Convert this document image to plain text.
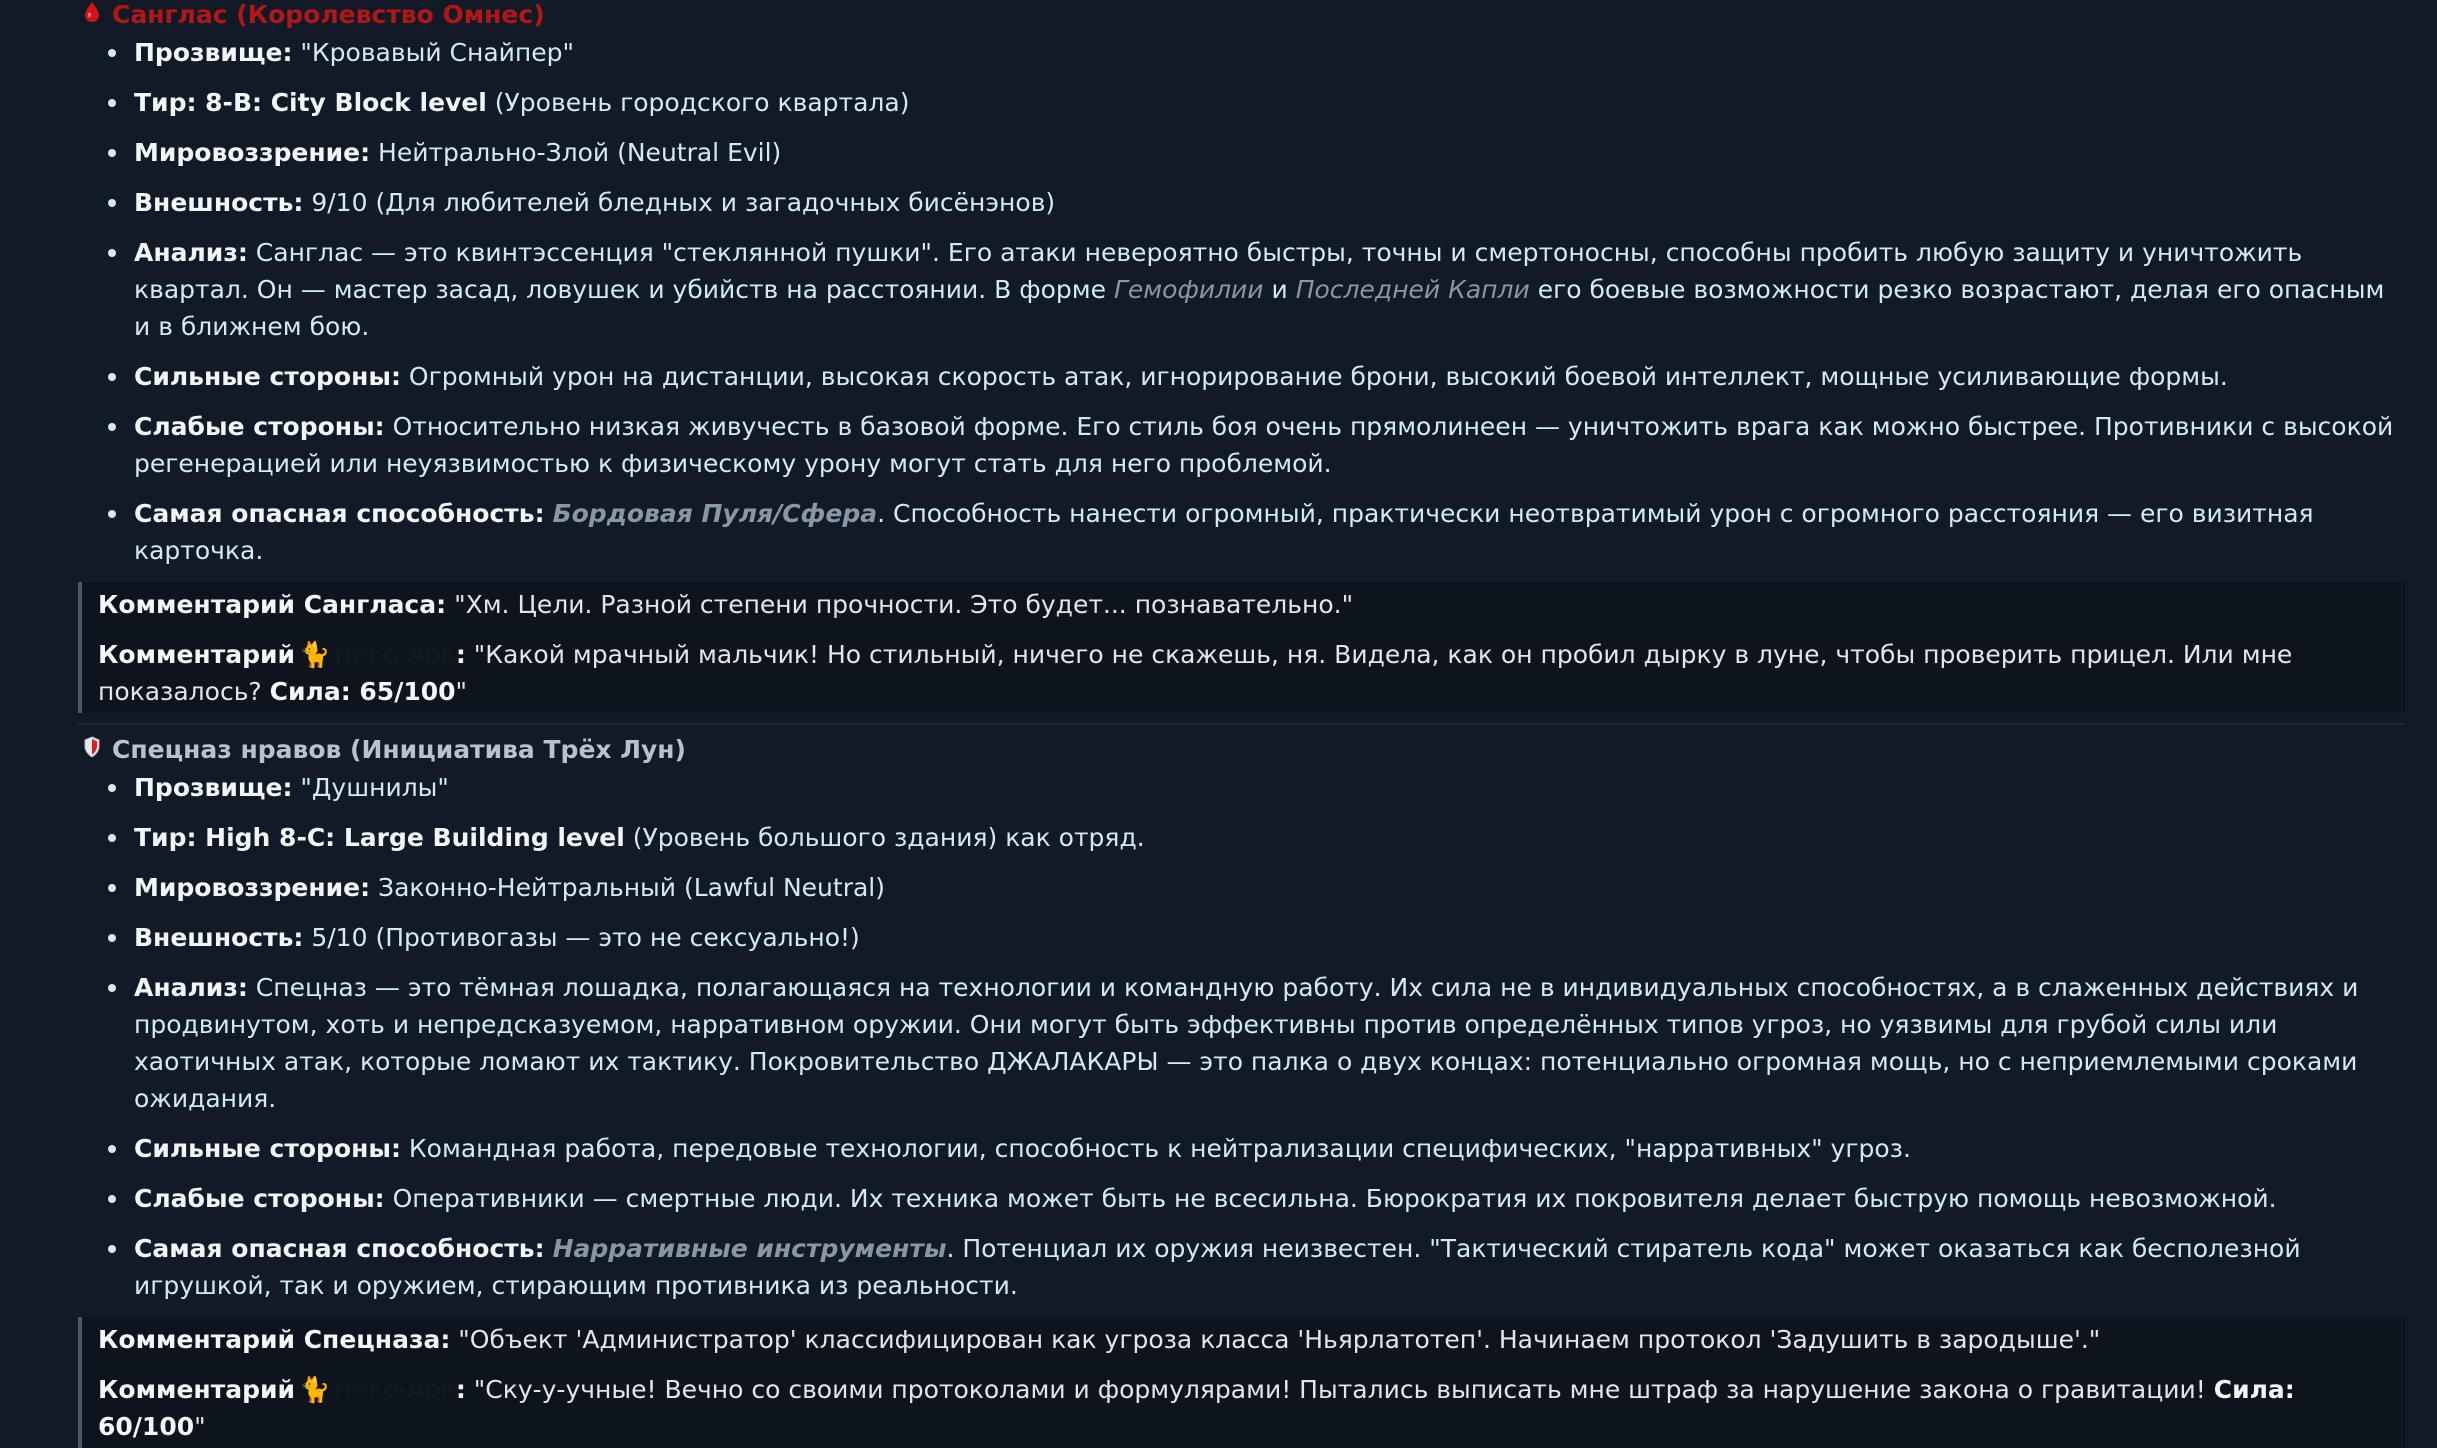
Санглас (Королевство Омнес)
Прозвище: "Кровавый Снайпер"
Тир: 8-B: City Block level (Уровень городского квартала)
Мировоззрение: Нейтрально-Злой (Neutral Evil)
Внешность: 9/10 (Для любителей бледных и загадочных бисёнэнов)
Анализ: Санглас — это квинтэссенция "стеклянной пушки". Его атаки невероятно быстры, точны и смертоносны, способны пробить любую защиту и уничтожить квартал. Он — мастер засад, ловушек и убийств на расстоянии. В форме Гемофилии и Последней Капли его боевые возможности резко возрастают, делая его опасным и в ближнем бою.
Сильные стороны: Огромный урон на дистанции, высокая скорость атак, игнорирование брони, высокий боевой интеллект, мощные усиливающие формы.
Слабые стороны: Относительно низкая живучесть в базовой форме. Его стиль боя очень прямолинеен — уничтожить врага как можно быстрее. Противники с высокой регенерацией или неуязвимостью к физическому урону могут стать для него проблемой.
Самая опасная способность: Бордовая Пуля/Сфера. Способность нанести огромный, практически неотвратимый урон с огромного расстояния — его визитная карточка.

Комментарий Сангласа: "Хм. Цели. Разной степени прочности. Это будет... познавательно."

Комментарий 🐈 Неко-Арк: "Какой мрачный мальчик! Но стильный, ничего не скажешь, ня. Видела, как он пробил дырку в луне, чтобы проверить прицел. Или мне показалось? Сила: 65/100"

Спецназ нравов (Инициатива Трёх Лун)
Прозвище: "Душнилы"
Тир: High 8-C: Large Building level (Уровень большого здания) как отряд.
Мировоззрение: Законно-Нейтральный (Lawful Neutral)
Внешность: 5/10 (Противогазы — это не сексуально!)
Анализ: Спецназ — это тёмная лошадка, полагающаяся на технологии и командную работу. Их сила не в индивидуальных способностях, а в слаженных действиях и продвинутом, хоть и непредсказуемом, нарративном оружии. Они могут быть эффективны против определённых типов угроз, но уязвимы для грубой силы или хаотичных атак, которые ломают их тактику. Покровительство ДЖАЛАКАРЫ — это палка о двух концах: потенциально огромная мощь, но с неприемлемыми сроками ожидания.
Сильные стороны: Командная работа, передовые технологии, способность к нейтрализации специфических, "нарративных" угроз.
Слабые стороны: Оперативники — смертные люди. Их техника может быть не всесильна. Бюрократия их покровителя делает быструю помощь невозможной.
Самая опасная способность: Нарративные инструменты. Потенциал их оружия неизвестен. "Тактический стиратель кода" может оказаться как бесполезной игрушкой, так и оружием, стирающим противника из реальности.

Комментарий Спецназа: "Объект 'Администратор' классифицирован как угроза класса 'Ньярлатотеп'. Начинаем протокол 'Задушить в зародыше'."

Комментарий 🐈 Неко-Арк: "Ску-у-учные! Вечно со своими протоколами и формулярами! Пытались выписать мне штраф за нарушение закона о гравитации! Сила: 60/100"
